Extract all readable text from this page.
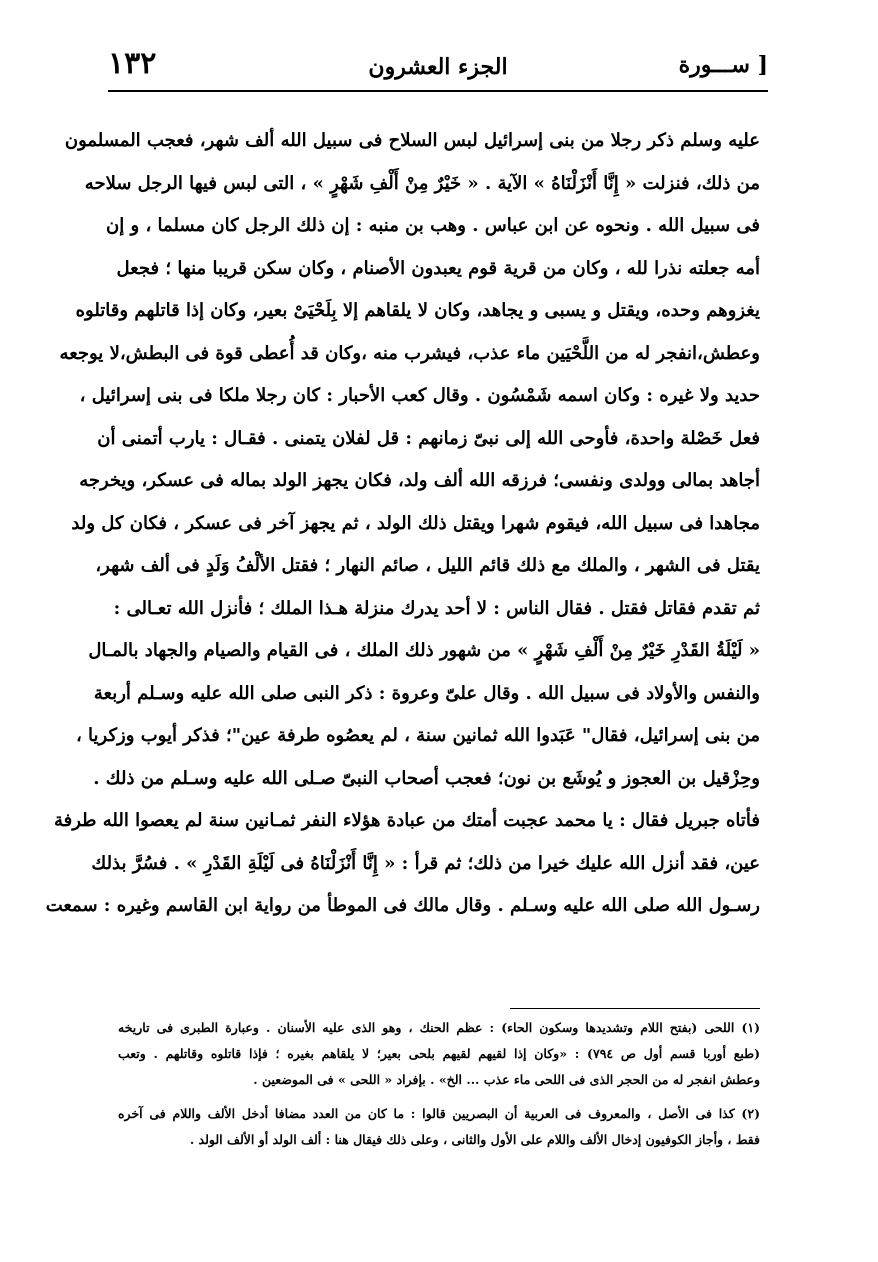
١٣٢	الجزء العشرون	[ ســـورة
عليه وسلم ذكر رجلا من بنى إسرائيل لبس السلاح فى سبيل الله ألف شهر، فعجب المسلمون
من ذلك، فنزلت « إِنَّا أَنْزَلْنَاهُ » الآية . « خَيْرٌ مِنْ أَلْفِ شَهْرٍ » ، التى لبس فيها الرجل سلاحه
فى سبيل الله . ونحوه عن ابن عباس . وهب بن منبه : إن ذلك الرجل كان مسلما ، و إن
أمه جعلته نذرا لله ، وكان من قرية قوم يعبدون الأصنام ، وكان سكن قريبا منها ؛ فجعل
يغزوهم وحده، ويقتل و يسبى و يجاهد، وكان لا يلقاهم إلا بِلَحْيَىْ بعير، وكان إذا قاتلهم وقاتلوه
وعطش،انفجر له من اللَّحْيَين ماء عذب، فيشرب منه ،وكان قد أُعطى قوة فى البطش،لا يوجعه
حديد ولا غيره : وكان اسمه شَمْسُون . وقال كعب الأحبار : كان رجلا ملكا فى بنى إسرائيل ،
فعل خَصْلة واحدة، فأوحى الله إلى نبىّ زمانهم : قل لفلان يتمنى . فقـال : يارب أتمنى أن
أجاهد بمالى وولدى ونفسى؛ فرزقه الله ألف ولد، فكان يجهز الولد بماله فى عسكر، ويخرجه
مجاهدا فى سبيل الله، فيقوم شهرا ويقتل ذلك الولد ، ثم يجهز آخر فى عسكر ، فكان كل ولد
يقتل فى الشهر ، والملك مع ذلك قائم الليل ، صائم النهار ؛ فقتل الألْفُ وَلَدٍ فى ألف شهر،
ثم تقدم فقاتل فقتل . فقال الناس : لا أحد يدرك منزلة هـذا الملك ؛ فأنزل الله تعـالى :
« لَيْلَةُ القَدْرِ خَيْرٌ مِنْ أَلْفِ شَهْرٍ » من شهور ذلك الملك ، فى القيام والصيام والجهاد بالمـال
والنفس والأولاد فى سبيل الله . وقال علىّ وعروة : ذكر النبى صلى الله عليه وسـلم أربعة
من بنى إسرائيل، فقال" عَبَدوا الله ثمانين سنة ، لم يعصُوه طرفة عين"؛ فذكر أيوب وزكريا ،
وحِزْقيل بن العجوز و يُوشَع بن نون؛ فعجب أصحاب النبىّ صـلى الله عليه وسـلم من ذلك .
فأتاه جبريل فقال : يا محمد عجبت أمتك من عبادة هؤلاء النفر ثمـانين سنة لم يعصوا الله طرفة
عين، فقد أنزل الله عليك خيرا من ذلك؛ ثم قرأ : « إِنَّا أَنْزَلْنَاهُ فى لَيْلَةِ القَدْرِ » . فسُرَّ بذلك
رسـول الله صلى الله عليه وسـلم . وقال مالك فى الموطأ من رواية ابن القاسم وغيره : سمعت
(١) اللحى (بفتح اللام وتشديدها وسكون الحاء) : عظم الحنك ، وهو الذى عليه الأسنان . وعبارة الطبرى فى تاريخه
(طبع أوربا قسم أول ص ٧٩٤) : «وكان إذا لقيهم لقيهم بلحى بعير؛ لا يلقاهم بغيره ؛ فإذا قاتلوه وقاتلهم . وتعب
وعطش انفجر له من الحجر الذى فى اللحى ماء عذب ... الخ» . بإفراد « اللحى » فى الموضعين .
(٢) كذا فى الأصل ، والمعروف فى العربية أن البصريين قالوا : ما كان من العدد مضافا أدخل الألف واللام فى آخره
فقط ، وأجاز الكوفيون إدخال الألف واللام على الأول والثانى ، وعلى ذلك فيقال هنا : ألف الولد أو الألف الولد .
